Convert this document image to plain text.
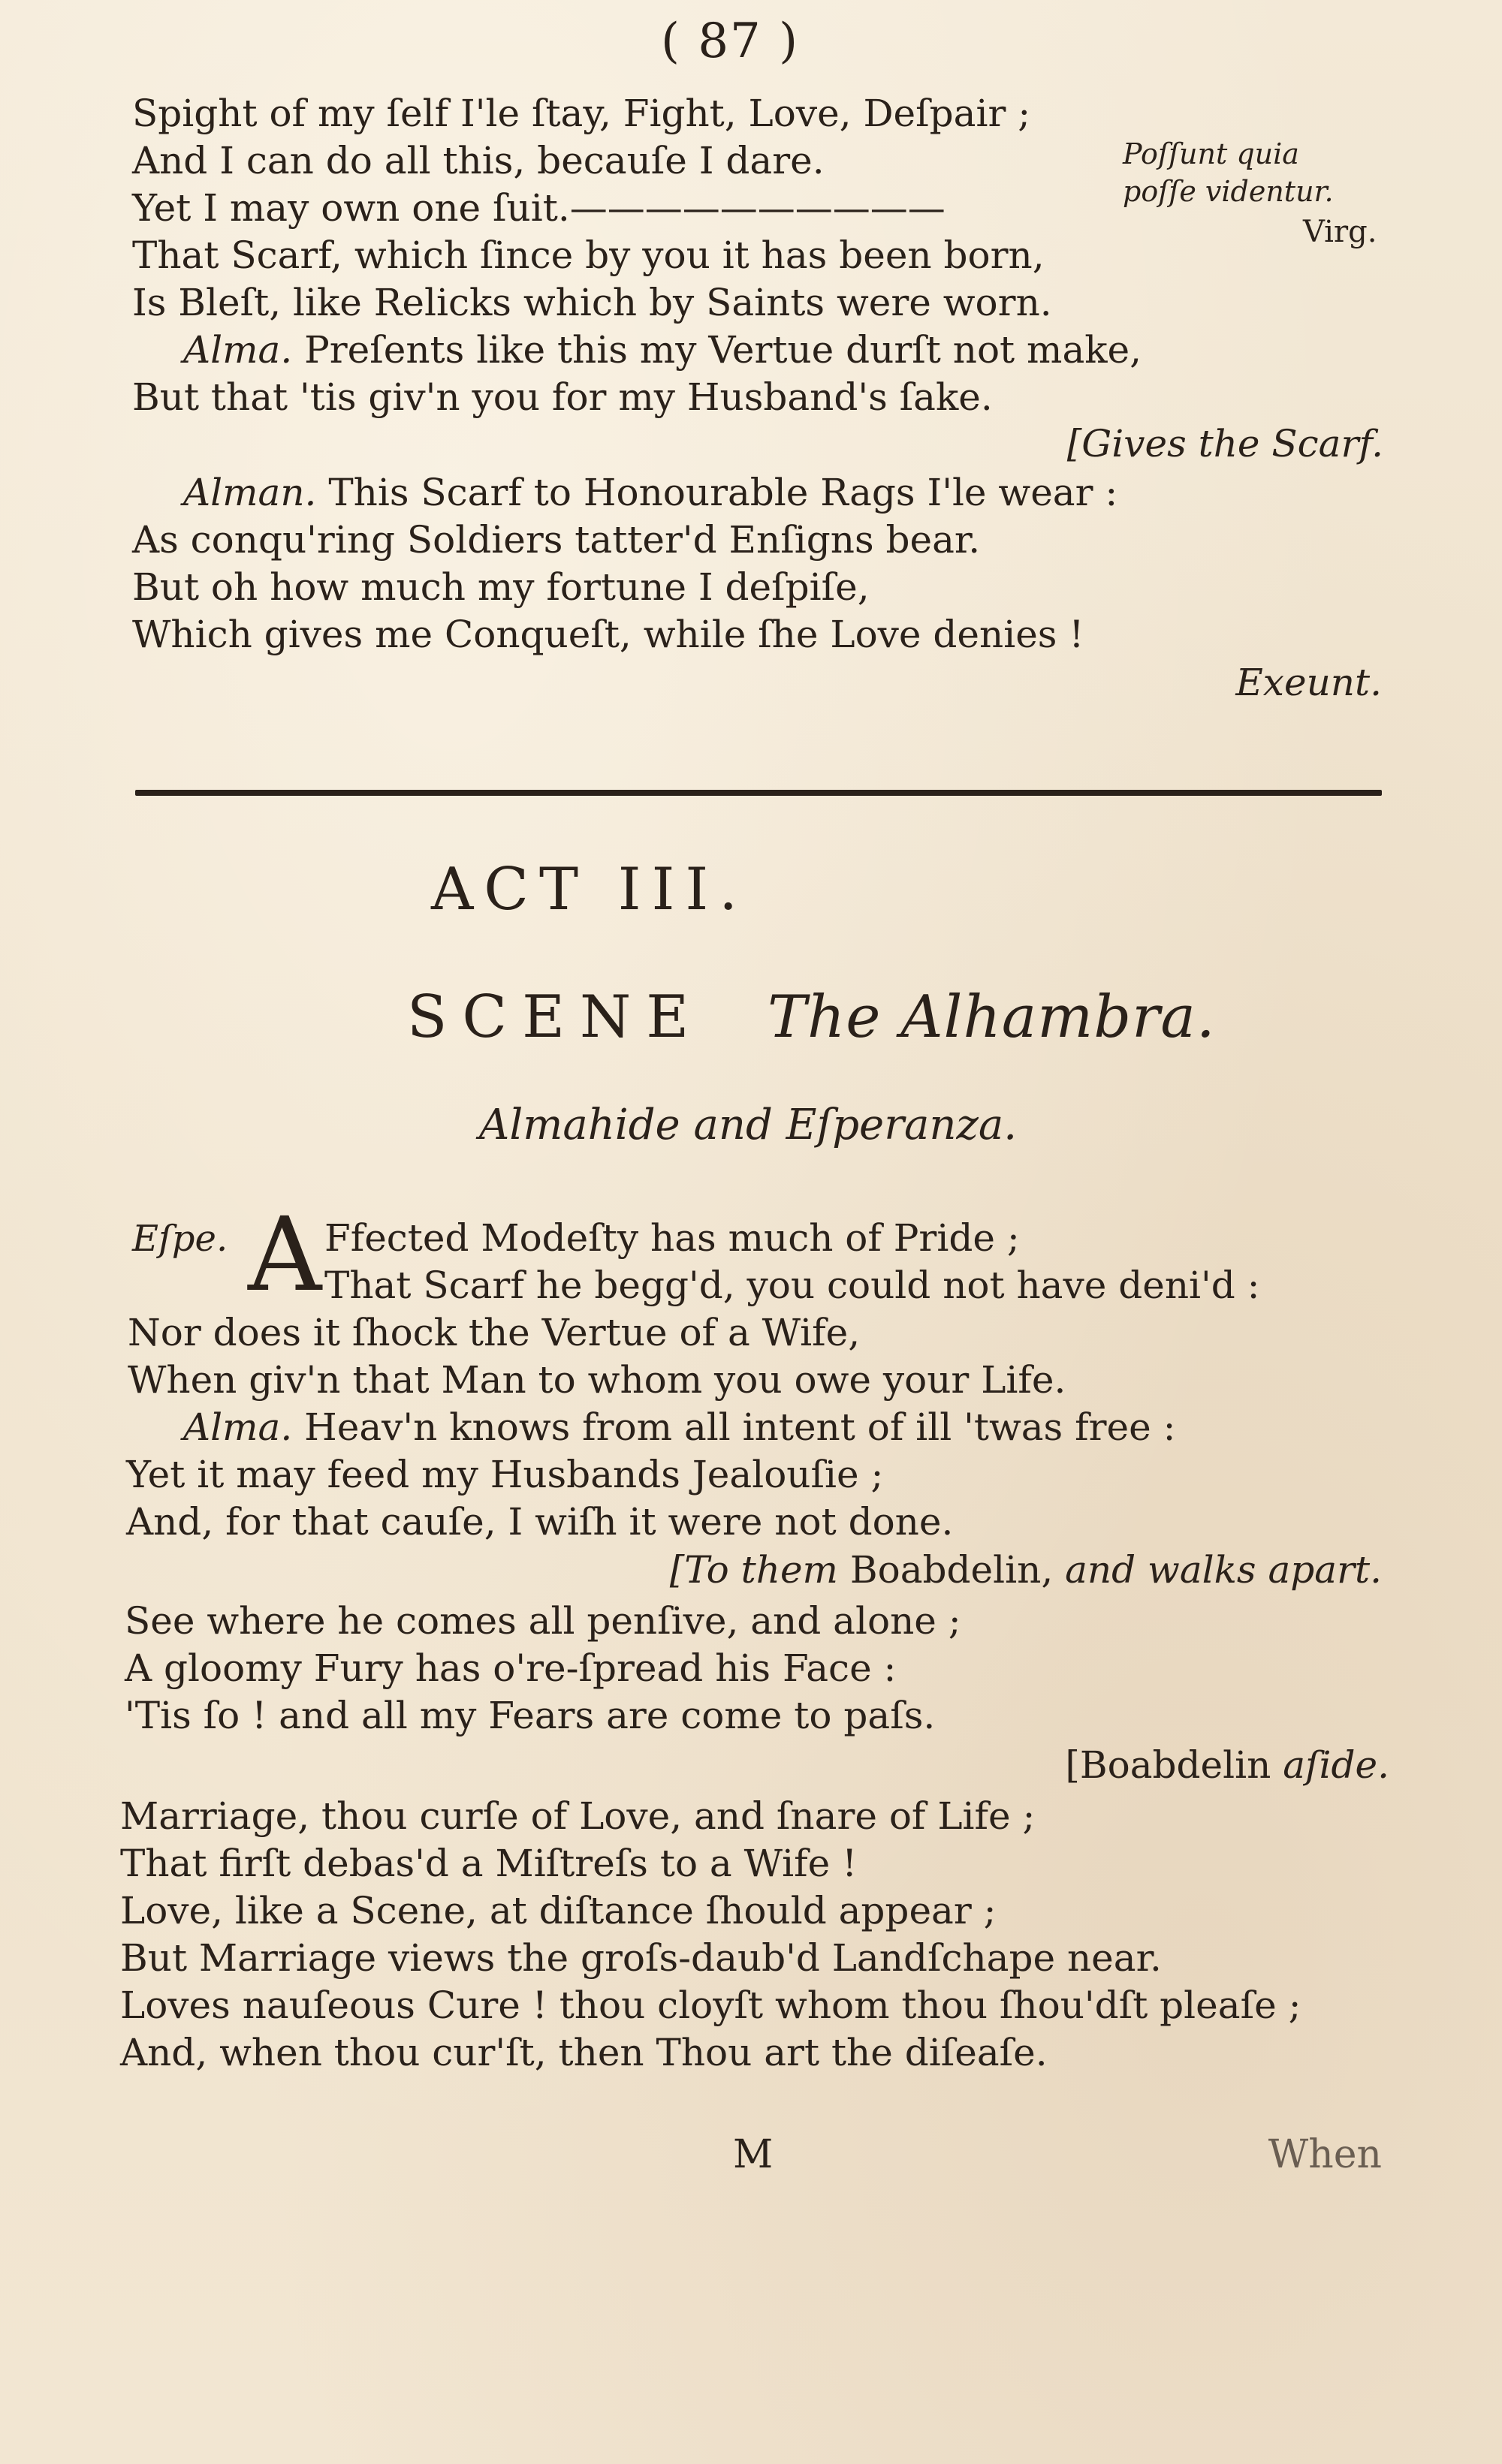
( 87 )
Spight of my ſelf I'le ſtay, Fight, Love, Deſpair ;
And I can do all this, becauſe I dare.
Yet I may own one ſuit.——————————
That Scarf, which ſince by you it has been born,
Is Bleſt, like Relicks which by Saints were worn.
Alma. Preſents like this my Vertue durſt not make,
But that 'tis giv'n you for my Husband's ſake.
Poſſunt quia
poſſe videntur.
Virg.
[Gives the Scarf.
Alman. This Scarf to Honourable Rags I'le wear :
As conqu'ring Soldiers tatter'd Enſigns bear.
But oh how much my fortune I deſpiſe,
Which gives me Conqueſt, while ſhe Love denies !
Exeunt.
ACT III.
SCENE The Alhambra.
Almahide and Eſperanza.
Eſpe. A Ffected Modeſty has much of Pride ;
That Scarf he begg'd, you could not have deni'd :
Nor does it ſhock the Vertue of a Wife,
When giv'n that Man to whom you owe your Life.
Alma. Heav'n knows from all intent of ill 'twas free :
Yet it may feed my Husbands Jealouſie ;
And, for that cauſe, I wiſh it were not done.
[To them Boabdelin, and walks apart.
See where he comes all penſive, and alone ;
A gloomy Fury has o're-ſpread his Face :
'Tis ſo ! and all my Fears are come to paſs.
[Boabdelin aſide.
Marriage, thou curſe of Love, and ſnare of Life ;
That firſt debas'd a Miſtreſs to a Wife !
Love, like a Scene, at diſtance ſhould appear ;
But Marriage views the groſs-daub'd Landſchape near.
Loves nauſeous Cure ! thou cloyſt whom thou ſhou'dſt pleaſe ;
And, when thou cur'ſt, then Thou art the diſeaſe.
M	When
